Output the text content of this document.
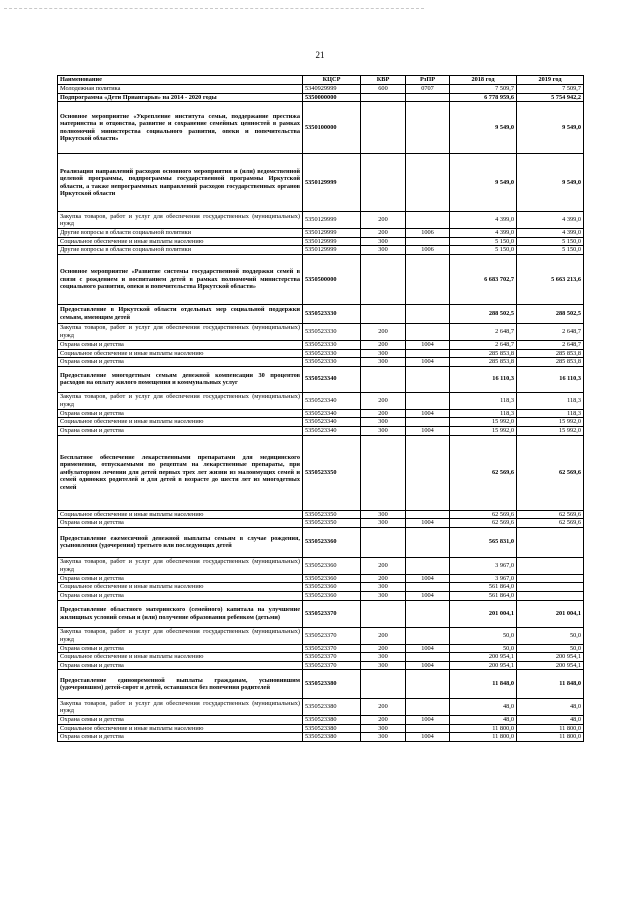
21
Наименование	КЦСР	КВР	РзПР	2018 год	2019 год
Молодежная политика	5340929999	600	0707	7 509,7	7 509,7
Подпрограмма «Дети Приангарья» на 2014 - 2020 годы	5350000000			6 778 959,6	5 754 942,2
Основное мероприятие «Укрепление института семьи, поддержание престижа материнства и отцовства, развитие и сохранение семейных ценностей в рамках полномочий министерства социального развития, опеки и попечительства Иркутской области»	5350100000			9 549,0	9 549,0
Реализация направлений расходов основного мероприятия и (или) ведомственной целевой программы, подпрограммы государственной программы Иркутской области, а также непрограммных направлений расходов государственных органов Иркутской области	5350129999			9 549,0	9 549,0
Закупка товаров, работ и услуг для обеспечения государственных (муниципальных) нужд	5350129999	200		4 399,0	4 399,0
Другие вопросы в области социальной политики	5350129999	200	1006	4 399,0	4 399,0
Социальное обеспечение и иные выплаты населению	5350129999	300		5 150,0	5 150,0
Другие вопросы в области социальной политики	5350129999	300	1006	5 150,0	5 150,0
Основное мероприятие «Развитие системы государственной поддержки семей в связи с рождением и воспитанием детей в рамках полномочий министерства социального развития, опеки и попечительства Иркутской области»	5350500000			6 683 702,7	5 663 213,6
Предоставление в Иркутской области отдельных мер социальной поддержки семьям, имеющим детей	5350523330			288 502,5	288 502,5
Закупка товаров, работ и услуг для обеспечения государственных (муниципальных) нужд	5350523330	200		2 648,7	2 648,7
Охрана семьи и детства	5350523330	200	1004	2 648,7	2 648,7
Социальное обеспечение и иные выплаты населению	5350523330	300		285 853,8	285 853,8
Охрана семьи и детства	5350523330	300	1004	285 853,8	285 853,8
Предоставление многодетным семьям денежной компенсации 30 процентов расходов на оплату жилого помещения и коммунальных услуг	5350523340			16 110,3	16 110,3
Закупка товаров, работ и услуг для обеспечения государственных (муниципальных) нужд	5350523340	200		118,3	118,3
Охрана семьи и детства	5350523340	200	1004	118,3	118,3
Социальное обеспечение и иные выплаты населению	5350523340	300		15 992,0	15 992,0
Охрана семьи и детства	5350523340	300	1004	15 992,0	15 992,0
Бесплатное обеспечение лекарственными препаратами для медицинского применения, отпускаемыми по рецептам на лекарственные препараты, при амбулаторном лечении для детей первых трех лет жизни из малоимущих семей и семей одиноких родителей и для детей в возрасте до шести лет из многодетных семей	5350523350			62 569,6	62 569,6
Социальное обеспечение и иные выплаты населению	5350523350	300		62 569,6	62 569,6
Охрана семьи и детства	5350523350	300	1004	62 569,6	62 569,6
Предоставление ежемесячной денежной выплаты семьям в случае рождения, усыновления (удочерения) третьего или последующих детей	5350523360			565 831,0	
Закупка товаров, работ и услуг для обеспечения государственных (муниципальных) нужд	5350523360	200		3 967,0	
Охрана семьи и детства	5350523360	200	1004	3 967,0	
Социальное обеспечение и иные выплаты населению	5350523360	300		561 864,0	
Охрана семьи и детства	5350523360	300	1004	561 864,0	
Предоставление областного материнского (семейного) капитала на улучшение жилищных условий семьи и (или) получение образования ребенком (детьми)	5350523370			201 004,1	201 004,1
Закупка товаров, работ и услуг для обеспечения государственных (муниципальных) нужд	5350523370	200		50,0	50,0
Охрана семьи и детства	5350523370	200	1004	50,0	50,0
Социальное обеспечение и иные выплаты населению	5350523370	300		200 954,1	200 954,1
Охрана семьи и детства	5350523370	300	1004	200 954,1	200 954,1
Предоставление единовременной выплаты гражданам, усыновившим (удочерившим) детей-сирот и детей, оставшихся без попечения родителей	5350523380			11 848,0	11 848,0
Закупка товаров, работ и услуг для обеспечения государственных (муниципальных) нужд	5350523380	200		48,0	48,0
Охрана семьи и детства	5350523380	200	1004	48,0	48,0
Социальное обеспечение и иные выплаты населению	5350523380	300		11 800,0	11 800,0
Охрана семьи и детства	5350523380	300	1004	11 800,0	11 800,0
